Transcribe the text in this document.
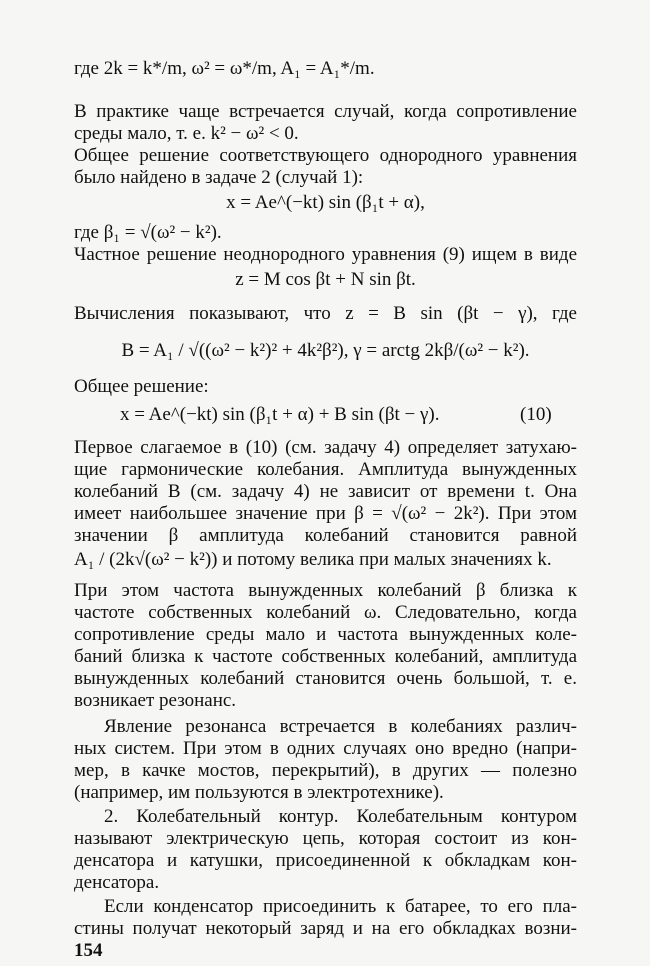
где 2k = k*/m, ω² = ω*/m, A₁ = A₁*/m.
В практике чаще встречается случай, когда сопротивление
среды мало, т. е. k² − ω² < 0.
Общее решение соответствующего однородного уравнения
было найдено в задаче 2 (случай 1):
x = Ae^(−kt) sin (β₁t + α),
где β₁ = √(ω² − k²).
Частное решение неоднородного уравнения (9) ищем в виде
z = M cos βt + N sin βt.
Вычисления показывают, что z = B sin (βt − γ), где
B = A₁ / √((ω² − k²)² + 4k²β²), γ = arctg 2kβ/(ω² − k²).
Общее решение:
x = Ae^(−kt) sin (β₁t + α) + B sin (βt − γ).	(10)
Первое слагаемое в (10) (см. задачу 4) определяет затухаю-
щие гармонические колебания. Амплитуда вынужденных
колебаний B (см. задачу 4) не зависит от времени t. Она
имеет наибольшее значение при β = √(ω² − 2k²). При этом
значении β амплитуда колебаний становится равной
A₁ / (2k√(ω² − k²)) и потому велика при малых значениях k.
При этом частота вынужденных колебаний β близка к
частоте собственных колебаний ω. Следовательно, когда
сопротивление среды мало и частота вынужденных коле-
баний близка к частоте собственных колебаний, амплитуда
вынужденных колебаний становится очень большой, т. е.
возникает резонанс.
Явление резонанса встречается в колебаниях различ-
ных систем. При этом в одних случаях оно вредно (напри-
мер, в качке мостов, перекрытий), в других — полезно
(например, им пользуются в электротехнике).
2. Колебательный контур. Колебательным контуром
называют электрическую цепь, которая состоит из кон-
денсатора и катушки, присоединенной к обкладкам кон-
денсатора.
Если конденсатор присоединить к батарее, то его пла-
стины получат некоторый заряд и на его обкладках возни-
154
